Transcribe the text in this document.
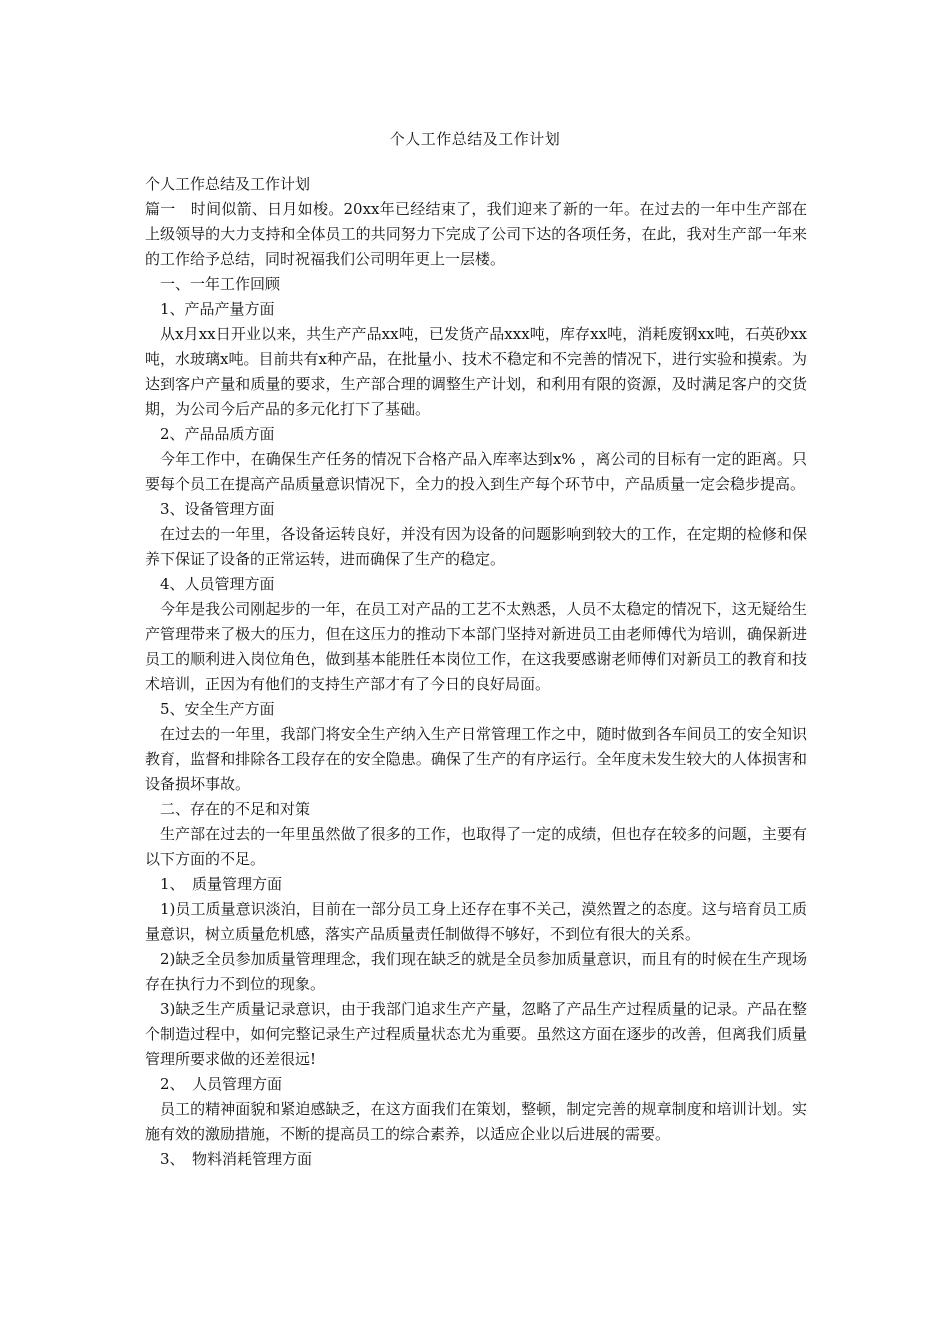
个人工作总结及工作计划

个人工作总结及工作计划

篇一　时间似箭、日月如梭。20xx年已经结束了，我们迎来了新的一年。在过去的一年中生产部在上级领导的大力支持和全体员工的共同努力下完成了公司下达的各项任务，在此，我对生产部一年来的工作给予总结，同时祝福我们公司明年更上一层楼。

一、一年工作回顾

1、产品产量方面

从x月xx日开业以来，共生产产品xx吨，已发货产品xxx吨，库存xx吨，消耗废钢xx吨，石英砂xx吨，水玻璃x吨。目前共有x种产品，在批量小、技术不稳定和不完善的情况下，进行实验和摸索。为达到客户产量和质量的要求，生产部合理的调整生产计划，和利用有限的资源，及时满足客户的交货期，为公司今后产品的多元化打下了基础。

2、产品品质方面

今年工作中，在确保生产任务的情况下合格产品入库率达到x% ，离公司的目标有一定的距离。只要每个员工在提高产品质量意识情况下，全力的投入到生产每个环节中，产品质量一定会稳步提高。

3、设备管理方面

在过去的一年里，各设备运转良好，并没有因为设备的问题影响到较大的工作，在定期的检修和保养下保证了设备的正常运转，进而确保了生产的稳定。

4、人员管理方面

今年是我公司刚起步的一年，在员工对产品的工艺不太熟悉，人员不太稳定的情况下，这无疑给生产管理带来了极大的压力，但在这压力的推动下本部门坚持对新进员工由老师傅代为培训，确保新进员工的顺利进入岗位角色，做到基本能胜任本岗位工作，在这我要感谢老师傅们对新员工的教育和技术培训，正因为有他们的支持生产部才有了今日的良好局面。

5、安全生产方面

在过去的一年里，我部门将安全生产纳入生产日常管理工作之中，随时做到各车间员工的安全知识教育，监督和排除各工段存在的安全隐患。确保了生产的有序运行。全年度未发生较大的人体损害和设备损坏事故。

二、存在的不足和对策

生产部在过去的一年里虽然做了很多的工作，也取得了一定的成绩，但也存在较多的问题，主要有以下方面的不足。

1、　质量管理方面

1)员工质量意识淡泊，目前在一部分员工身上还存在事不关己，漠然置之的态度。这与培育员工质量意识，树立质量危机感，落实产品质量责任制做得不够好，不到位有很大的关系。

2)缺乏全员参加质量管理理念，我们现在缺乏的就是全员参加质量意识，而且有的时候在生产现场存在执行力不到位的现象。

3)缺乏生产质量记录意识，由于我部门追求生产产量，忽略了产品生产过程质量的记录。产品在整个制造过程中，如何完整记录生产过程质量状态尤为重要。虽然这方面在逐步的改善，但离我们质量管理所要求做的还差很远!

2、　人员管理方面

员工的精神面貌和紧迫感缺乏，在这方面我们在策划，整顿，制定完善的规章制度和培训计划。实施有效的激励措施，不断的提高员工的综合素养，以适应企业以后进展的需要。

3、　物料消耗管理方面
